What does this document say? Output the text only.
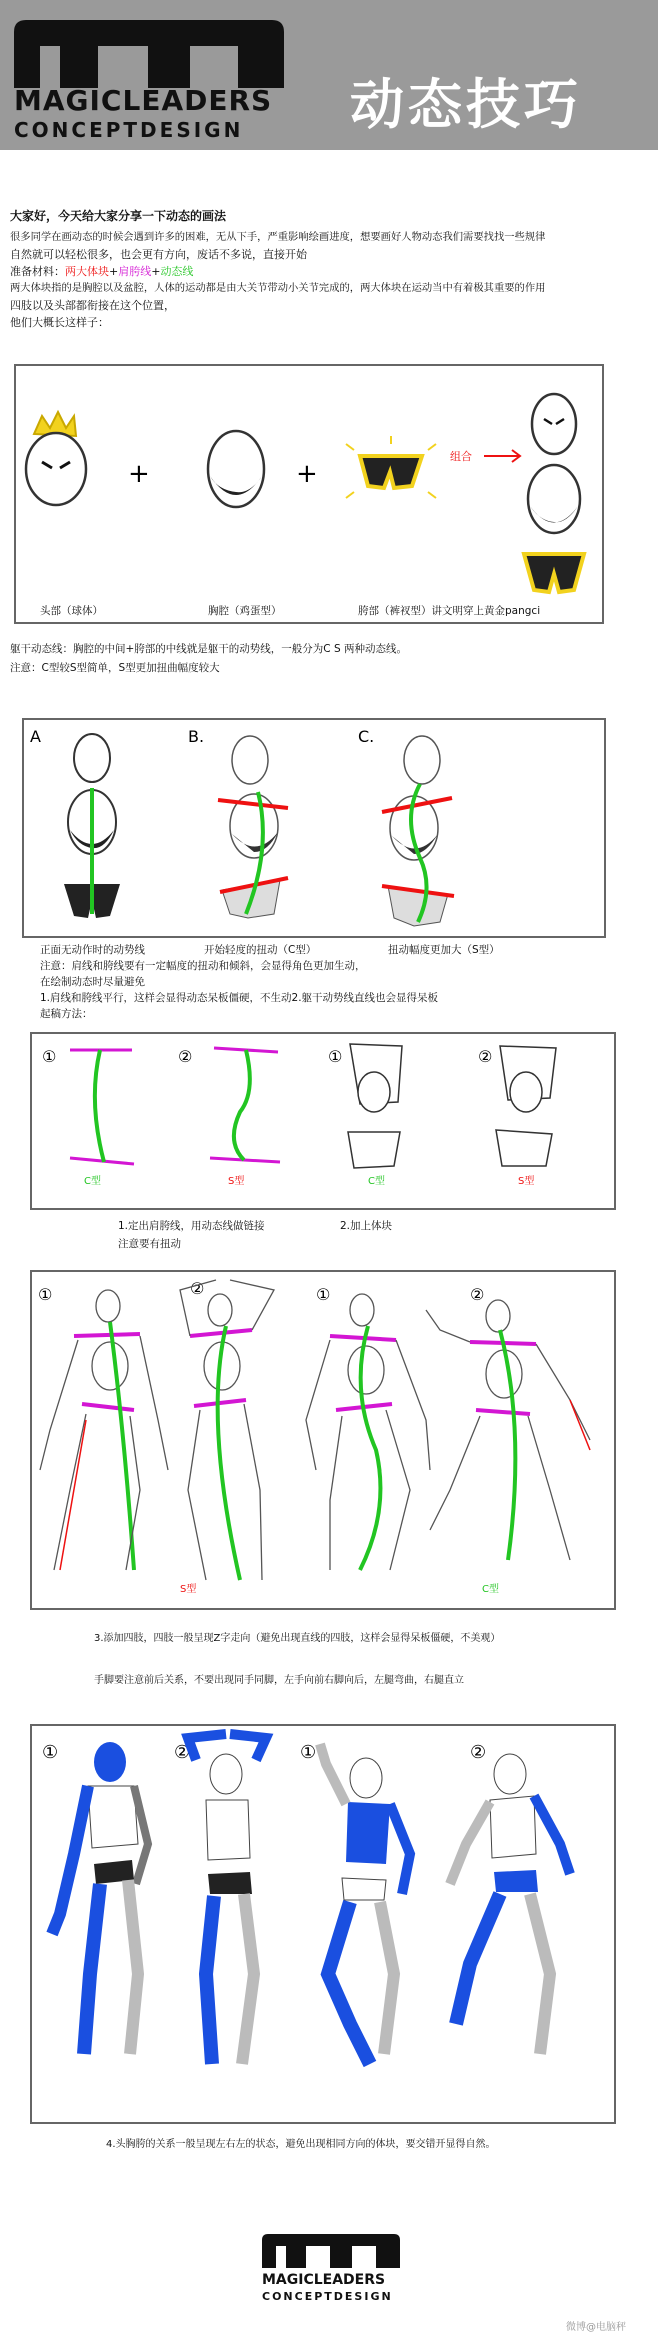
MAGICLEADERS
CONCEPTDESIGN 动态技巧
大家好，今天给大家分享一下动态的画法
很多同学在画动态的时候会遇到许多的困难，无从下手，严重影响绘画进度，想要画好人物动态我们需要找找一些规律
自然就可以轻松很多，也会更有方向，废话不多说，直接开始
准备材料：两大体块+肩胯线+动态线
两大体块指的是胸腔以及盆腔，人体的运动都是由大关节带动小关节完成的，两大体块在运动当中有着极其重要的作用
四肢以及头部都衔接在这个位置，
他们大概长这样子：
+	+
组合
头部（球体）	胸腔（鸡蛋型）	胯部（裤衩型）讲文明穿上黄金pangci
躯干动态线：胸腔的中间+胯部的中线就是躯干的动势线，一般分为C S 两种动态线。
注意：C型较S型简单，S型更加扭曲幅度较大
A	B.	C.
正面无动作时的动势线	开始轻度的扭动（C型）	扭动幅度更加大（S型）
注意：肩线和胯线要有一定幅度的扭动和倾斜，会显得角色更加生动，
在绘制动态时尽量避免
1.肩线和胯线平行，这样会显得动态呆板僵硬，不生动2.躯干动势线直线也会显得呆板
起稿方法：
①	②	①	②
C型	S型	C型	S型
1.定出肩胯线，用动态线做链接	2.加上体块
注意要有扭动
①	②	①	②
S型	C型
3.添加四肢，四肢一般呈现Z字走向（避免出现直线的四肢，这样会显得呆板僵硬，不美观）
手脚要注意前后关系，不要出现同手同脚，左手向前右脚向后，左腿弯曲，右腿直立
①	②	①	②
4.头胸胯的关系一般呈现左右左的状态，避免出现相同方向的体块，要交错开显得自然。
MAGICLEADERS
CONCEPTDESIGN
微博@电脑秤
